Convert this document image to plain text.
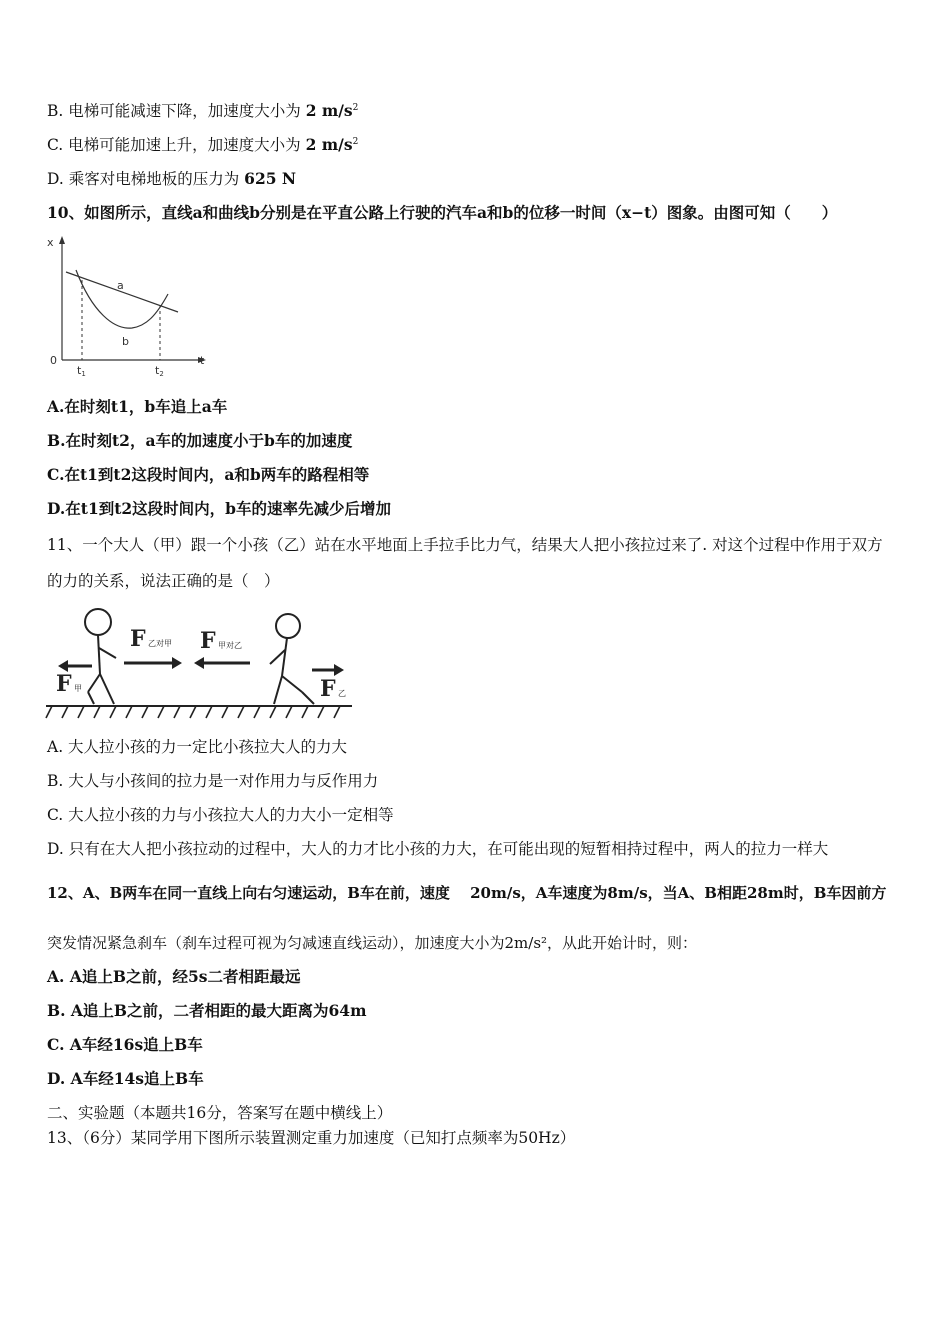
B. 电梯可能减速下降，加速度大小为 2 $m/s^2$
C. 电梯可能加速上升，加速度大小为 2 $m/s^2$
D. 乘客对电梯地板的压力为 625 N
10、如图所示，直线a和曲线b分别是在平直公路上行驶的汽车a和b的位移一时间（x−t）图象。由图可知（　　）
x
t
0
a
b
t1	t2
A.在时刻t1，b车追上a车
B.在时刻t2，a车的加速度小于b车的加速度
C.在t1到t2这段时间内，a和b两车的路程相等
D.在t1到t2这段时间内，b车的速率先减少后增加
11、一个大人（甲）跟一个小孩（乙）站在水平地面上手拉手比力气，结果大人把小孩拉过来了. 对这个过程中作用于双方
的力的关系，说法正确的是（　）
F 甲
F 乙对甲 F 甲对乙
F 乙
A. 大人拉小孩的力一定比小孩拉大人的力大
B. 大人与小孩间的拉力是一对作用力与反作用力
C. 大人拉小孩的力与小孩拉大人的力大小一定相等
D. 只有在大人把小孩拉动的过程中，大人的力才比小孩的力大，在可能出现的短暂相持过程中，两人的拉力一样大
12、A、B两车在同一直线上向右匀速运动，B车在前，速度　 20m/s，A车速度为8m/s，当A、B相距28m时，B车因前方
突发情况紧急刹车（刹车过程可视为匀减速直线运动），加速度大小为2m/s²，从此开始计时，则：
A. A追上B之前，经5s二者相距最远
B. A追上B之前，二者相距的最大距离为64m
C. A车经16s追上B车
D. A车经14s追上B车
二、实验题（本题共16分，答案写在题中横线上）
13、（6分）某同学用下图所示装置测定重力加速度（已知打点频率为50Hz）
